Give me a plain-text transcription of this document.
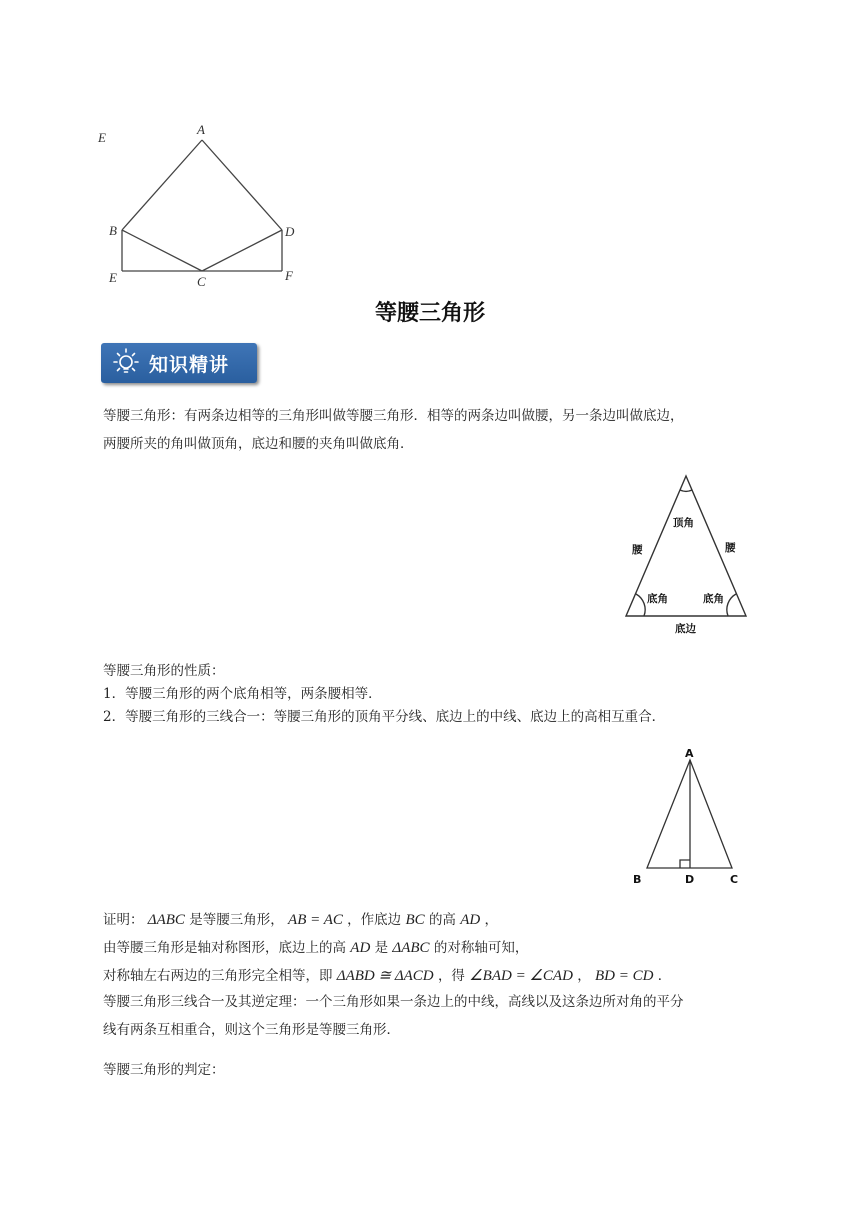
E
A
B	D
E	C	F
等腰三角形
知识精讲
等腰三角形：有两条边相等的三角形叫做等腰三角形．相等的两条边叫做腰，另一条边叫做底边，
两腰所夹的角叫做顶角，底边和腰的夹角叫做底角．
顶角
腰	腰
底角	底角
底边
等腰三角形的性质：
1．等腰三角形的两个底角相等，两条腰相等．
2．等腰三角形的三线合一：等腰三角形的顶角平分线、底边上的中线、底边上的高相互重合．
A
B	D	C
证明： ΔABC 是等腰三角形， AB = AC ，作底边 BC 的高 AD ，
由等腰三角形是轴对称图形，底边上的高 AD 是 ΔABC 的对称轴可知，
对称轴左右两边的三角形完全相等，即 ΔABD ≅ ΔACD ，得 ∠BAD = ∠CAD ， BD = CD ．
等腰三角形三线合一及其逆定理：一个三角形如果一条边上的中线，高线以及这条边所对角的平分
线有两条互相重合，则这个三角形是等腰三角形．
等腰三角形的判定：
